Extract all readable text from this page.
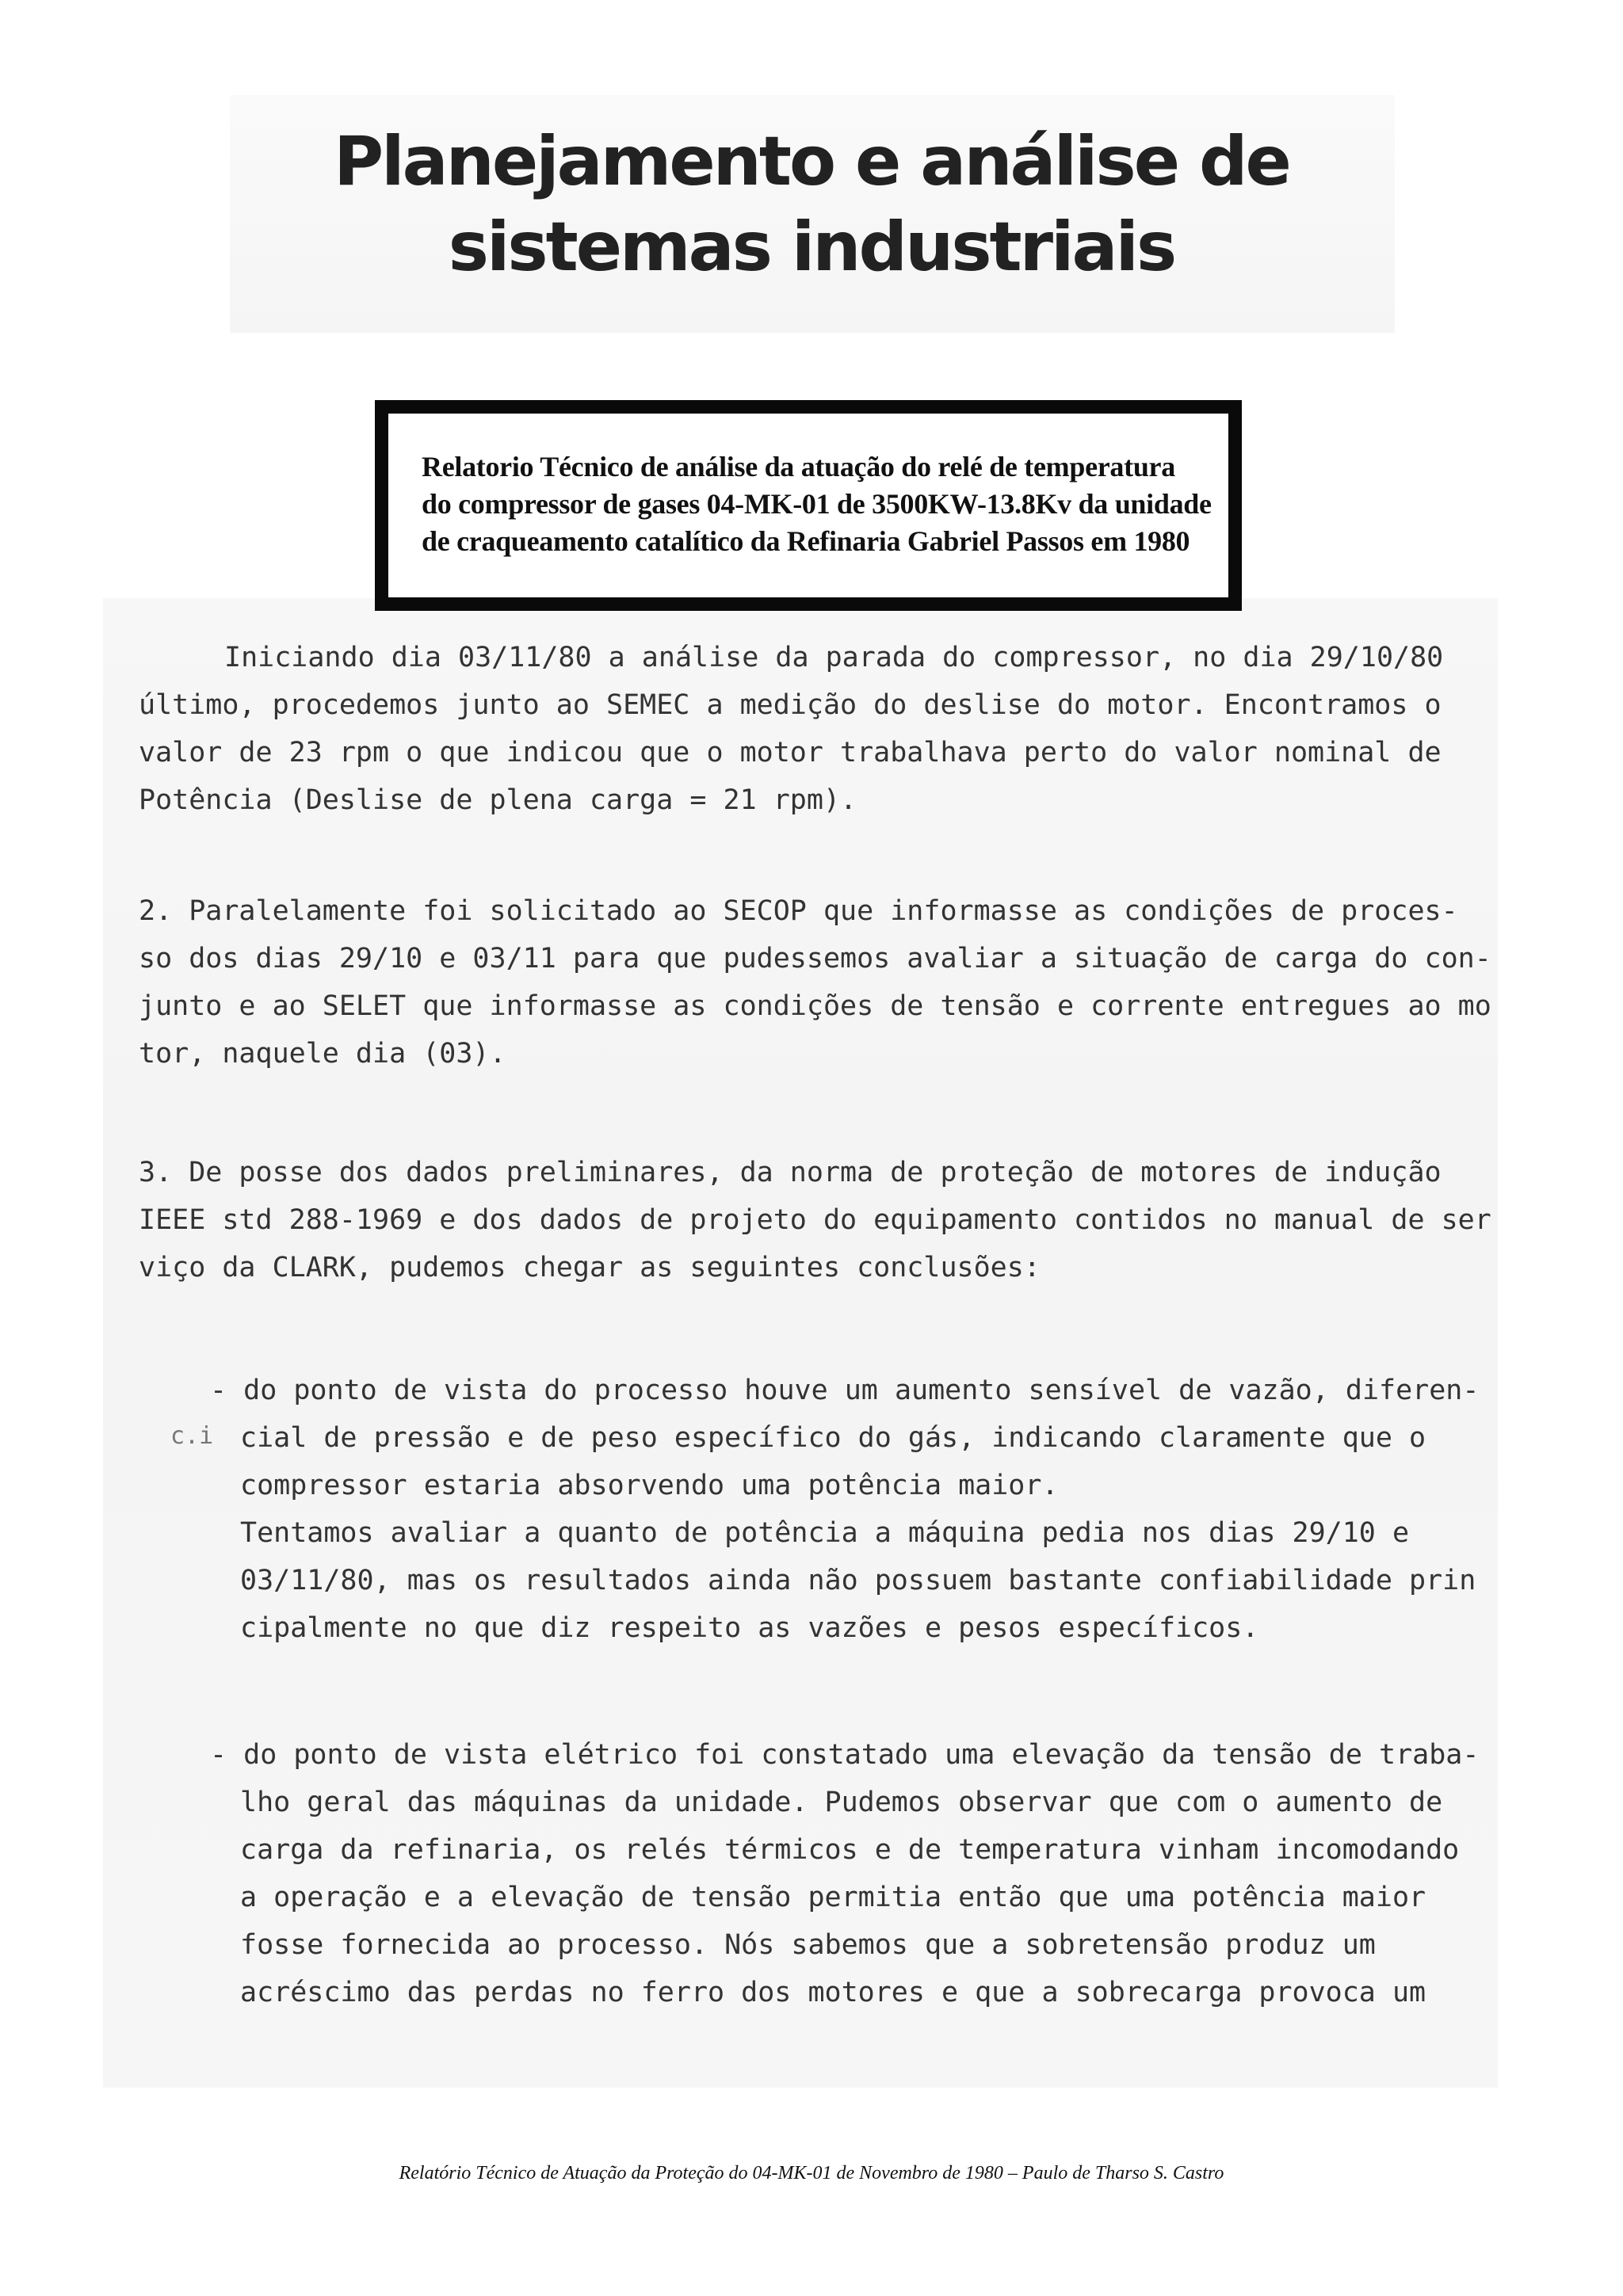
Planejamento e análise de
sistemas industriais
Relatorio Técnico de análise da atuação do relé de temperatura
do compressor de gases 04-MK-01 de 3500KW-13.8Kv da unidade
de craqueamento catalítico da Refinaria Gabriel Passos em 1980
Iniciando dia 03/11/80 a análise da parada do compressor, no dia 29/10/80
último, procedemos junto ao SEMEC a medição do deslise do motor. Encontramos o
valor de 23 rpm o que indicou que o motor trabalhava perto do valor nominal de
Potência (Deslise de plena carga = 21 rpm).
2. Paralelamente foi solicitado ao SECOP que informasse as condições de proces-
so dos dias 29/10 e 03/11 para que pudessemos avaliar a situação de carga do con-
junto e ao SELET que informasse as condições de tensão e corrente entregues ao mo
tor, naquele dia (03).
3. De posse dos dados preliminares, da norma de proteção de motores de indução
IEEE std 288-1969 e dos dados de projeto do equipamento contidos no manual de ser
viço da CLARK, pudemos chegar as seguintes conclusões:
c.i
- do ponto de vista do processo houve um aumento sensível de vazão, diferen-
cial de pressão e de peso específico do gás, indicando claramente que o
compressor estaria absorvendo uma potência maior.
Tentamos avaliar a quanto de potência a máquina pedia nos dias 29/10 e
03/11/80, mas os resultados ainda não possuem bastante confiabilidade prin
cipalmente no que diz respeito as vazões e pesos específicos.
- do ponto de vista elétrico foi constatado uma elevação da tensão de traba-
lho geral das máquinas da unidade. Pudemos observar que com o aumento de
carga da refinaria, os relés térmicos e de temperatura vinham incomodando
a operação e a elevação de tensão permitia então que uma potência maior
fosse fornecida ao processo. Nós sabemos que a sobretensão produz um
acréscimo das perdas no ferro dos motores e que a sobrecarga provoca um
Relatório Técnico de Atuação da Proteção do 04-MK-01 de Novembro de 1980 – Paulo de Tharso S. Castro
